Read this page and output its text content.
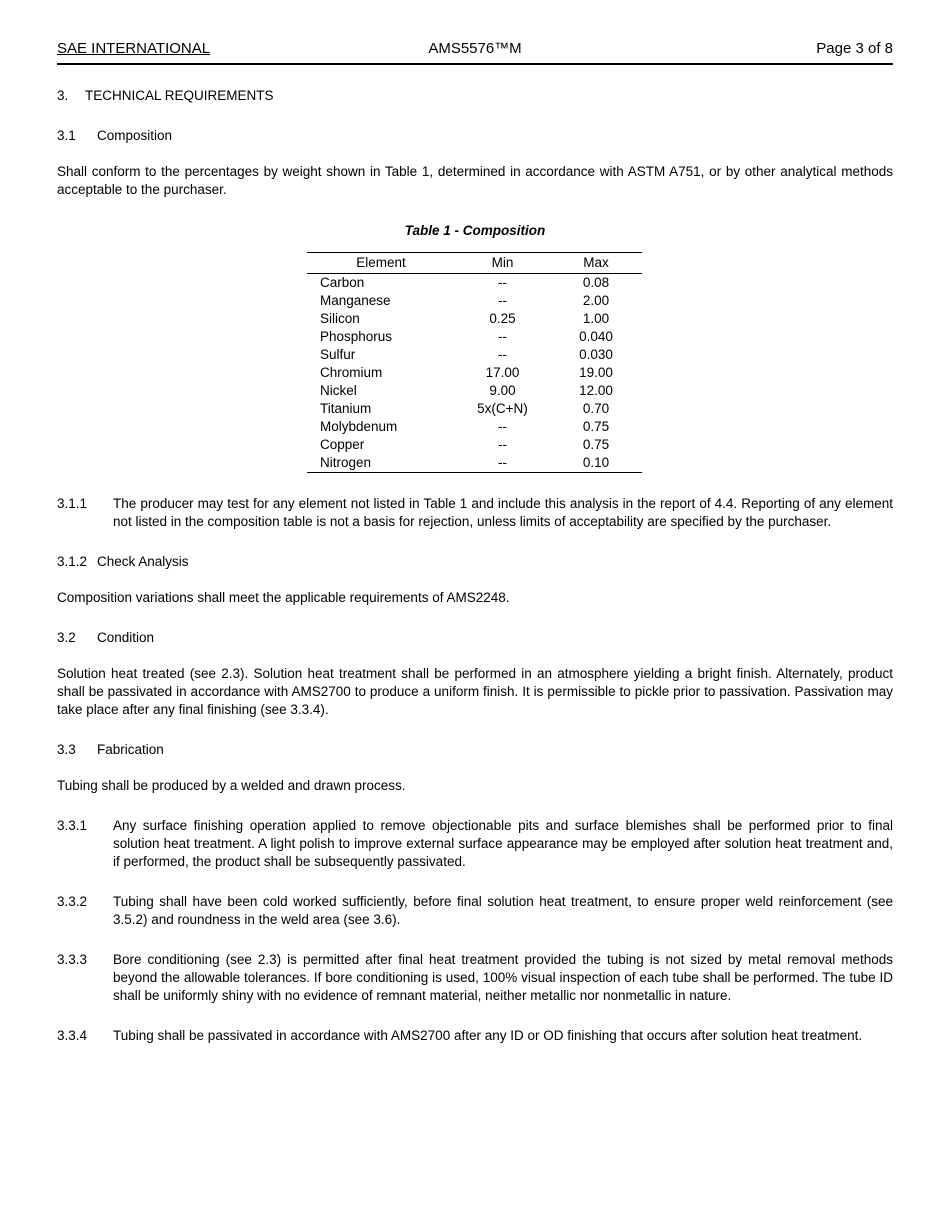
SAE INTERNATIONAL	AMS5576™M	Page 3 of 8
3.	TECHNICAL REQUIREMENTS
3.1	Composition
Shall conform to the percentages by weight shown in Table 1, determined in accordance with ASTM A751, or by other analytical methods acceptable to the purchaser.
Table 1 - Composition
Element	Min	Max
Carbon	--	0.08
Manganese	--	2.00
Silicon	0.25	1.00
Phosphorus	--	0.040
Sulfur	--	0.030
Chromium	17.00	19.00
Nickel	9.00	12.00
Titanium	5x(C+N)	0.70
Molybdenum	--	0.75
Copper	--	0.75
Nitrogen	--	0.10
3.1.1	The producer may test for any element not listed in Table 1 and include this analysis in the report of 4.4. Reporting of any element not listed in the composition table is not a basis for rejection, unless limits of acceptability are specified by the purchaser.
3.1.2 Check Analysis
Composition variations shall meet the applicable requirements of AMS2248.
3.2	Condition
Solution heat treated (see 2.3). Solution heat treatment shall be performed in an atmosphere yielding a bright finish. Alternately, product shall be passivated in accordance with AMS2700 to produce a uniform finish. It is permissible to pickle prior to passivation. Passivation may take place after any final finishing (see 3.3.4).
3.3	Fabrication
Tubing shall be produced by a welded and drawn process.
3.3.1	Any surface finishing operation applied to remove objectionable pits and surface blemishes shall be performed prior to final solution heat treatment. A light polish to improve external surface appearance may be employed after solution heat treatment and, if performed, the product shall be subsequently passivated.
3.3.2	Tubing shall have been cold worked sufficiently, before final solution heat treatment, to ensure proper weld reinforcement (see 3.5.2) and roundness in the weld area (see 3.6).
3.3.3	Bore conditioning (see 2.3) is permitted after final heat treatment provided the tubing is not sized by metal removal methods beyond the allowable tolerances. If bore conditioning is used, 100% visual inspection of each tube shall be performed. The tube ID shall be uniformly shiny with no evidence of remnant material, neither metallic nor nonmetallic in nature.
3.3.4	Tubing shall be passivated in accordance with AMS2700 after any ID or OD finishing that occurs after solution heat treatment.
